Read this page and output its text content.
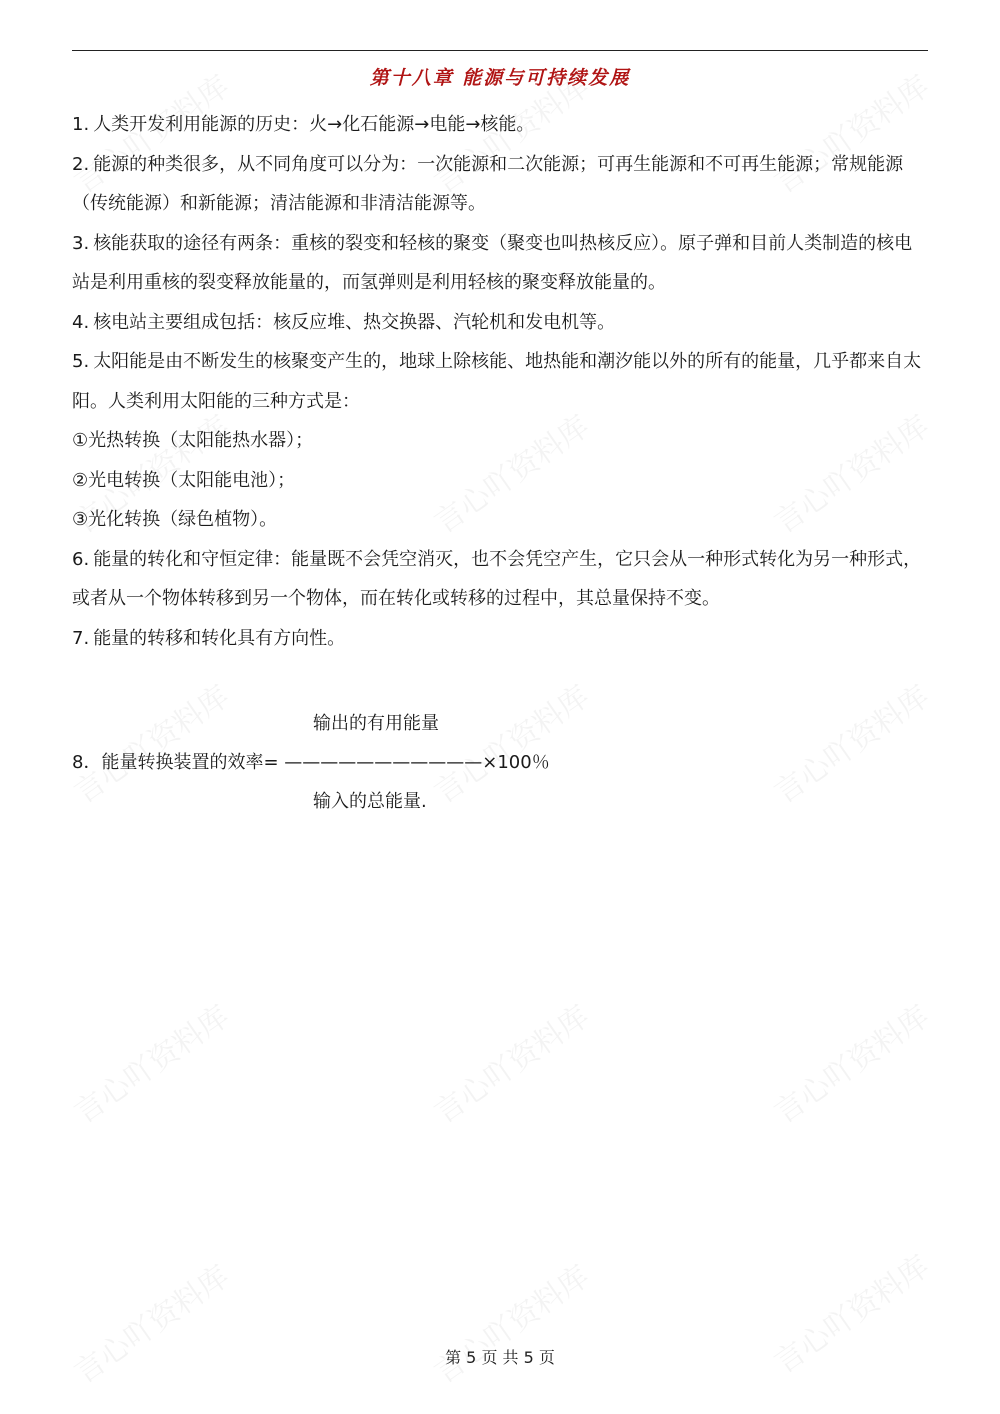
第十八章 能源与可持续发展

1. 人类开发利用能源的历史：火→化石能源→电能→核能。

2. 能源的种类很多，从不同角度可以分为：一次能源和二次能源；可再生能源和不可再生能源；常规能源（传统能源）和新能源；清洁能源和非清洁能源等。

3. 核能获取的途径有两条：重核的裂变和轻核的聚变（聚变也叫热核反应）。原子弹和目前人类制造的核电站是利用重核的裂变释放能量的，而氢弹则是利用轻核的聚变释放能量的。

4. 核电站主要组成包括：核反应堆、热交换器、汽轮机和发电机等。

5. 太阳能是由不断发生的核聚变产生的，地球上除核能、地热能和潮汐能以外的所有的能量，几乎都来自太阳。人类利用太阳能的三种方式是：

①光热转换（太阳能热水器）；

②光电转换（太阳能电池）；

③光化转换（绿色植物）。

6. 能量的转化和守恒定律：能量既不会凭空消灭，也不会凭空产生，它只会从一种形式转化为另一种形式，或者从一个物体转移到另一个物体，而在转化或转移的过程中，其总量保持不变。

7. 能量的转移和转化具有方向性。

输出的有用能量
8．能量转换装置的效率= ———————————×100％
输入的总能量.
第 5 页 共 5 页
